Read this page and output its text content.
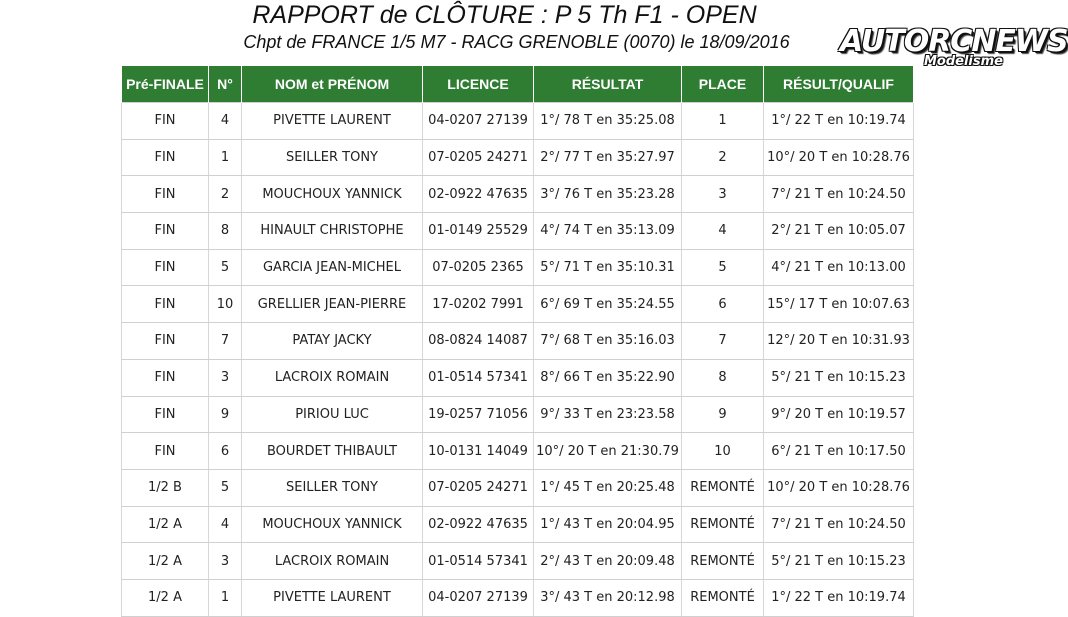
RAPPORT de CLÔTURE : P 5 Th F1 - OPEN
Chpt de FRANCE 1/5 M7 - RACG GRENOBLE (0070) le 18/09/2016	AUTORCNEWS
Modelisme
Pré-FINALE	N°	NOM et PRÉNOM	LICENCE	RÉSULTAT	PLACE	RÉSULT/QUALIF
FIN	4	PIVETTE LAURENT	04-0207 27139	1°/ 78 T en 35:25.08	1	1°/ 22 T en 10:19.74
FIN	1	SEILLER TONY	07-0205 24271	2°/ 77 T en 35:27.97	2	10°/ 20 T en 10:28.76
FIN	2	MOUCHOUX YANNICK	02-0922 47635	3°/ 76 T en 35:23.28	3	7°/ 21 T en 10:24.50
FIN	8	HINAULT CHRISTOPHE	01-0149 25529	4°/ 74 T en 35:13.09	4	2°/ 21 T en 10:05.07
FIN	5	GARCIA JEAN-MICHEL	07-0205 2365	5°/ 71 T en 35:10.31	5	4°/ 21 T en 10:13.00
FIN	10	GRELLIER JEAN-PIERRE	17-0202 7991	6°/ 69 T en 35:24.55	6	15°/ 17 T en 10:07.63
FIN	7	PATAY JACKY	08-0824 14087	7°/ 68 T en 35:16.03	7	12°/ 20 T en 10:31.93
FIN	3	LACROIX ROMAIN	01-0514 57341	8°/ 66 T en 35:22.90	8	5°/ 21 T en 10:15.23
FIN	9	PIRIOU LUC	19-0257 71056	9°/ 33 T en 23:23.58	9	9°/ 20 T en 10:19.57
FIN	6	BOURDET THIBAULT	10-0131 14049	10°/ 20 T en 21:30.79	10	6°/ 21 T en 10:17.50
1/2 B	5	SEILLER TONY	07-0205 24271	1°/ 45 T en 20:25.48	REMONTÉ	10°/ 20 T en 10:28.76
1/2 A	4	MOUCHOUX YANNICK	02-0922 47635	1°/ 43 T en 20:04.95	REMONTÉ	7°/ 21 T en 10:24.50
1/2 A	3	LACROIX ROMAIN	01-0514 57341	2°/ 43 T en 20:09.48	REMONTÉ	5°/ 21 T en 10:15.23
1/2 A	1	PIVETTE LAURENT	04-0207 27139	3°/ 43 T en 20:12.98	REMONTÉ	1°/ 22 T en 10:19.74
